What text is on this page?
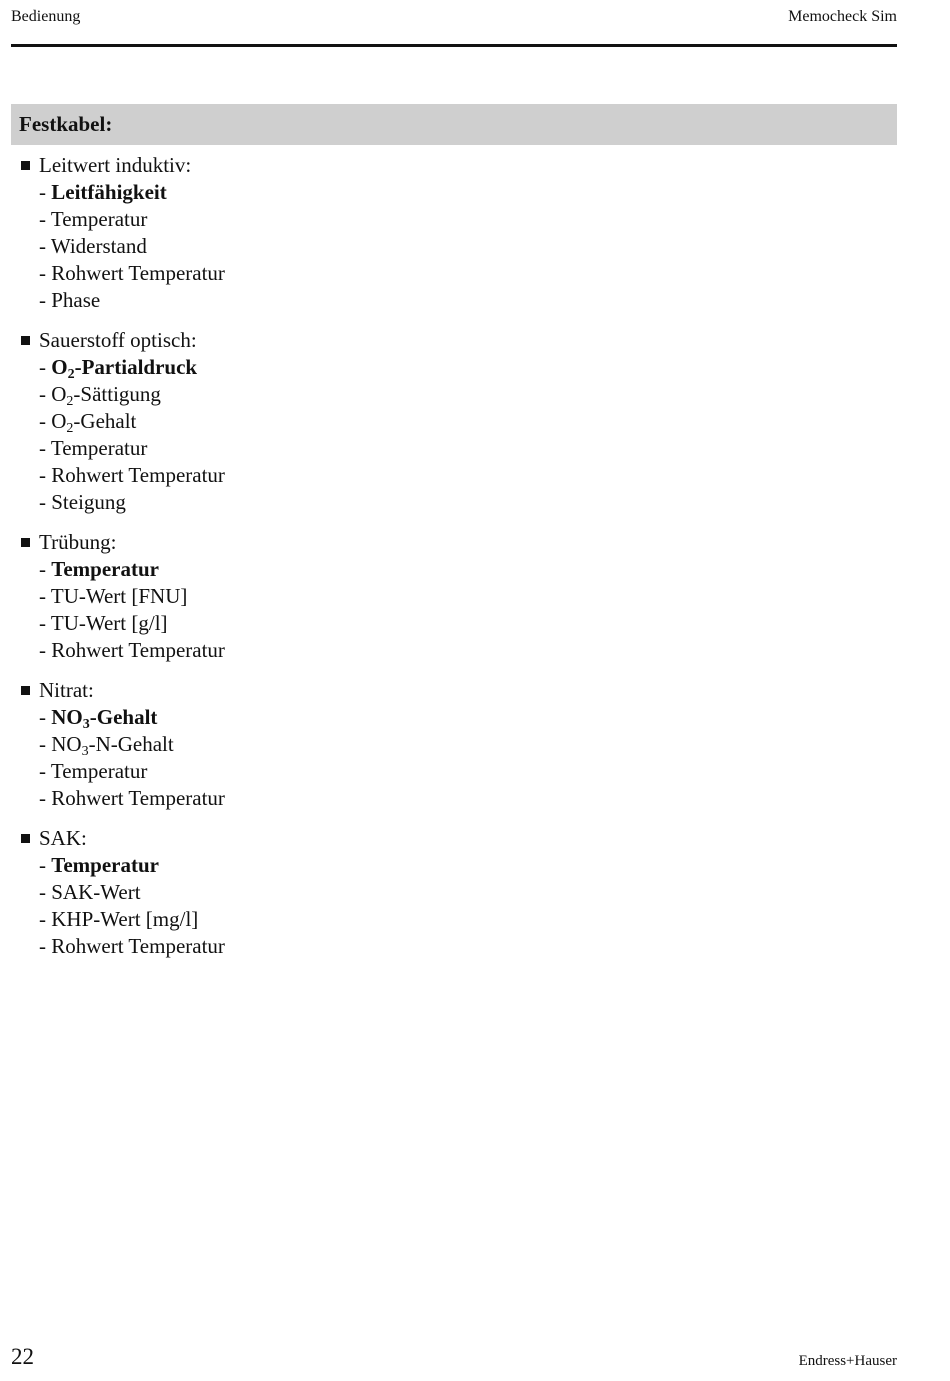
Bedienung	Memocheck Sim
Festkabel:
Leitwert induktiv:
- Leitfähigkeit
- Temperatur
- Widerstand
- Rohwert Temperatur
- Phase
Sauerstoff optisch:
- $O_2$-Partialdruck
- $O_2$-Sättigung
- $O_2$-Gehalt
- Temperatur
- Rohwert Temperatur
- Steigung
Trübung:
- Temperatur
- TU-Wert [FNU]
- TU-Wert [g/l]
- Rohwert Temperatur
Nitrat:
- $NO_3$-Gehalt
- $NO_3-N$-Gehalt
- Temperatur
- Rohwert Temperatur
SAK:
- Temperatur
- SAK-Wert
- KHP-Wert [mg/l]
- Rohwert Temperatur
22	Endress+Hauser
